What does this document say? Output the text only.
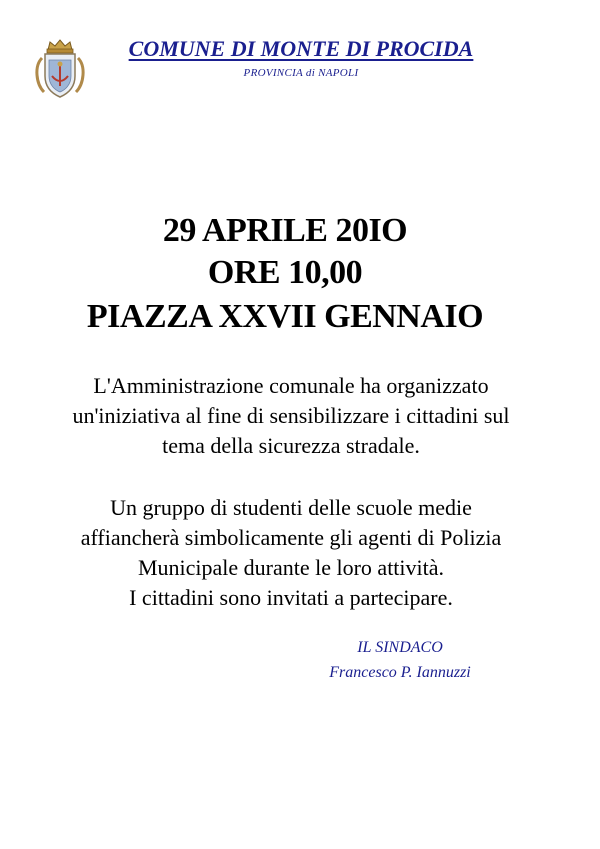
COMUNE DI MONTE DI PROCIDA
PROVINCIA di NAPOLI
29 APRILE 20IO
ORE 10,00
PIAZZA XXVII GENNAIO
L'Amministrazione comunale ha organizzato
un'iniziativa al fine di sensibilizzare i cittadini sul
tema della sicurezza stradale.
Un gruppo di studenti delle scuole medie
affiancherà simbolicamente gli agenti di Polizia
Municipale durante le loro attività.
I cittadini sono invitati a partecipare.
IL SINDACO
Francesco P. Iannuzzi
